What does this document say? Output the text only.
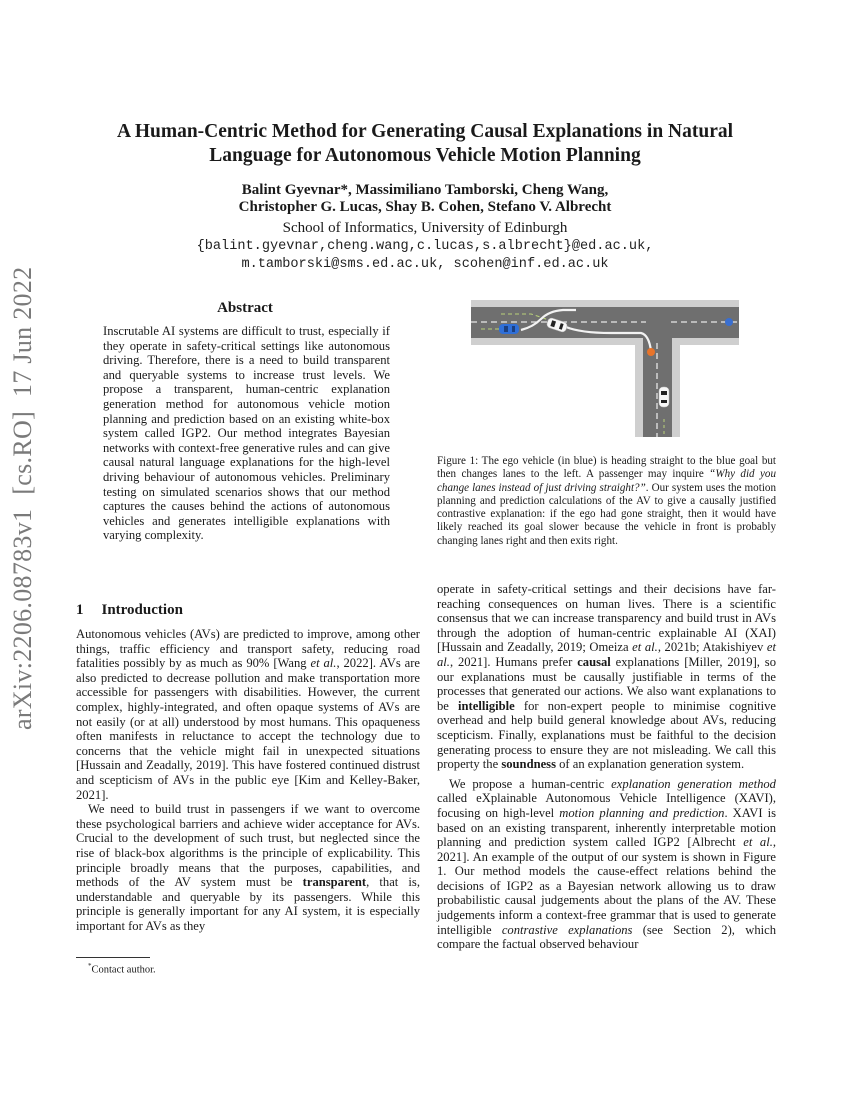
arXiv:2206.08783v1[cs.RO]17 Jun 2022
A Human-Centric Method for Generating Causal Explanations in Natural
Language for Autonomous Vehicle Motion Planning
Balint Gyevnar*, Massimiliano Tamborski, Cheng Wang,
Christopher G. Lucas, Shay B. Cohen, Stefano V. Albrecht
School of Informatics, University of Edinburgh
{balint.gyevnar,cheng.wang,c.lucas,s.albrecht}@ed.ac.uk,
m.tamborski@sms.ed.ac.uk, scohen@inf.ed.ac.uk
Abstract
Inscrutable AI systems are difficult to trust, especially if they operate in safety-critical settings like autonomous driving. Therefore, there is a need to build transparent and queryable systems to increase trust levels. We propose a transparent, human-centric explanation generation method for autonomous vehicle motion planning and prediction based on an existing white-box system called IGP2. Our method integrates Bayesian networks with context-free generative rules and can give causal natural language explanations for the high-level driving behaviour of autonomous vehicles. Preliminary testing on simulated scenarios shows that our method captures the causes behind the actions of autonomous vehicles and generates intelligible explanations with varying complexity.
Figure 1: The ego vehicle (in blue) is heading straight to the blue goal but then changes lanes to the left. A passenger may inquire “Why did you change lanes instead of just driving straight?”. Our system uses the motion planning and prediction calculations of the AV to give a causally justified contrastive explanation: if the ego had gone straight, then it would have likely reached its goal slower because the vehicle in front is probably changing lanes right and then exits right.
1 Introduction

Autonomous vehicles (AVs) are predicted to improve, among other things, traffic efficiency and transport safety, reducing road fatalities possibly by as much as 90% [Wang et al., 2022]. AVs are also predicted to decrease pollution and make transportation more accessible for passengers with disabilities. However, the current complex, highly-integrated, and often opaque systems of AVs are not easily (or at all) understood by most humans. This opaqueness often manifests in reluctance to accept the technology due to concerns that the vehicle might fail in unexpected situations [Hussain and Zeadally, 2019]. This have fostered continued distrust and scepticism of AVs in the public eye [Kim and Kelley-Baker, 2021].

We need to build trust in passengers if we want to overcome these psychological barriers and achieve wider acceptance for AVs. Crucial to the development of such trust, but neglected since the rise of black-box algorithms is the principle of explicability. This principle broadly means that the purposes, capabilities, and methods of the AV system must be transparent, that is, understandable and queryable by its passengers. While this principle is generally important for any AI system, it is especially important for AVs as they

operate in safety-critical settings and their decisions have far-reaching consequences on human lives. There is a scientific consensus that we can increase transparency and build trust in AVs through the adoption of human-centric explainable AI (XAI) [Hussain and Zeadally, 2019; Omeiza et al., 2021b; Atakishiyev et al., 2021]. Humans prefer causal explanations [Miller, 2019], so our explanations must be causally justifiable in terms of the processes that generated our actions. We also want explanations to be intelligible for non-expert people to minimise cognitive overhead and help build general knowledge about AVs, reducing scepticism. Finally, explanations must be faithful to the decision generating process to ensure they are not misleading. We call this property the soundness of an explanation generation system.

We propose a human-centric explanation generation method called eXplainable Autonomous Vehicle Intelligence (XAVI), focusing on high-level motion planning and prediction. XAVI is based on an existing transparent, inherently interpretable motion planning and prediction system called IGP2 [Albrecht et al., 2021]. An example of the output of our system is shown in Figure 1. Our method models the cause-effect relations behind the decisions of IGP2 as a Bayesian network allowing us to draw probabilistic causal judgements about the plans of the AV. These judgements inform a context-free grammar that is used to generate intelligible contrastive explanations (see Section 2), which compare the factual observed behaviour

*Contact author.
